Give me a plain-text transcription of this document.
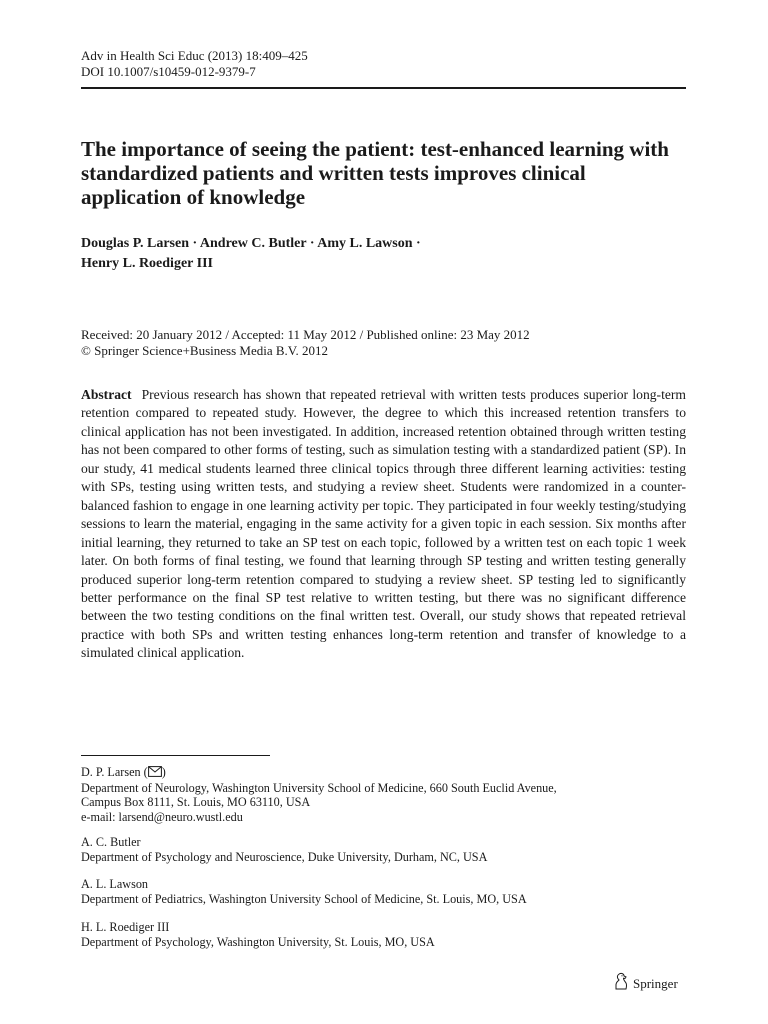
Adv in Health Sci Educ (2013) 18:409–425
DOI 10.1007/s10459-012-9379-7
The importance of seeing the patient: test-enhanced learning with standardized patients and written tests improves clinical application of knowledge
Douglas P. Larsen · Andrew C. Butler · Amy L. Lawson ·
Henry L. Roediger III
Received: 20 January 2012 / Accepted: 11 May 2012 / Published online: 23 May 2012
© Springer Science+Business Media B.V. 2012

Abstract Previous research has shown that repeated retrieval with written tests produces superior long-term retention compared to repeated study. However, the degree to which this increased retention transfers to clinical application has not been investigated. In addition, increased retention obtained through written testing has not been compared to other forms of testing, such as simulation testing with a standardized patient (SP). In our study, 41 medical students learned three clinical topics through three different learning activities: testing with SPs, testing using written tests, and studying a review sheet. Students were randomized in a counter-balanced fashion to engage in one learning activity per topic. They participated in four weekly testing/studying sessions to learn the material, engaging in the same activity for a given topic in each session. Six months after initial learning, they returned to take an SP test on each topic, followed by a written test on each topic 1 week later. On both forms of final testing, we found that learning through SP testing and written testing generally produced superior long-term retention compared to studying a review sheet. SP testing led to significantly better performance on the final SP test relative to written testing, but there was no significant difference between the two testing conditions on the final written test. Overall, our study shows that repeated retrieval practice with both SPs and written testing enhances long-term retention and transfer of knowledge to a simulated clinical application.

D. P. Larsen ( )
Department of Neurology, Washington University School of Medicine, 660 South Euclid Avenue,
Campus Box 8111, St. Louis, MO 63110, USA
e-mail: larsend@neuro.wustl.edu
A. C. Butler
Department of Psychology and Neuroscience, Duke University, Durham, NC, USA
A. L. Lawson
Department of Pediatrics, Washington University School of Medicine, St. Louis, MO, USA
H. L. Roediger III
Department of Psychology, Washington University, St. Louis, MO, USA
Springer
